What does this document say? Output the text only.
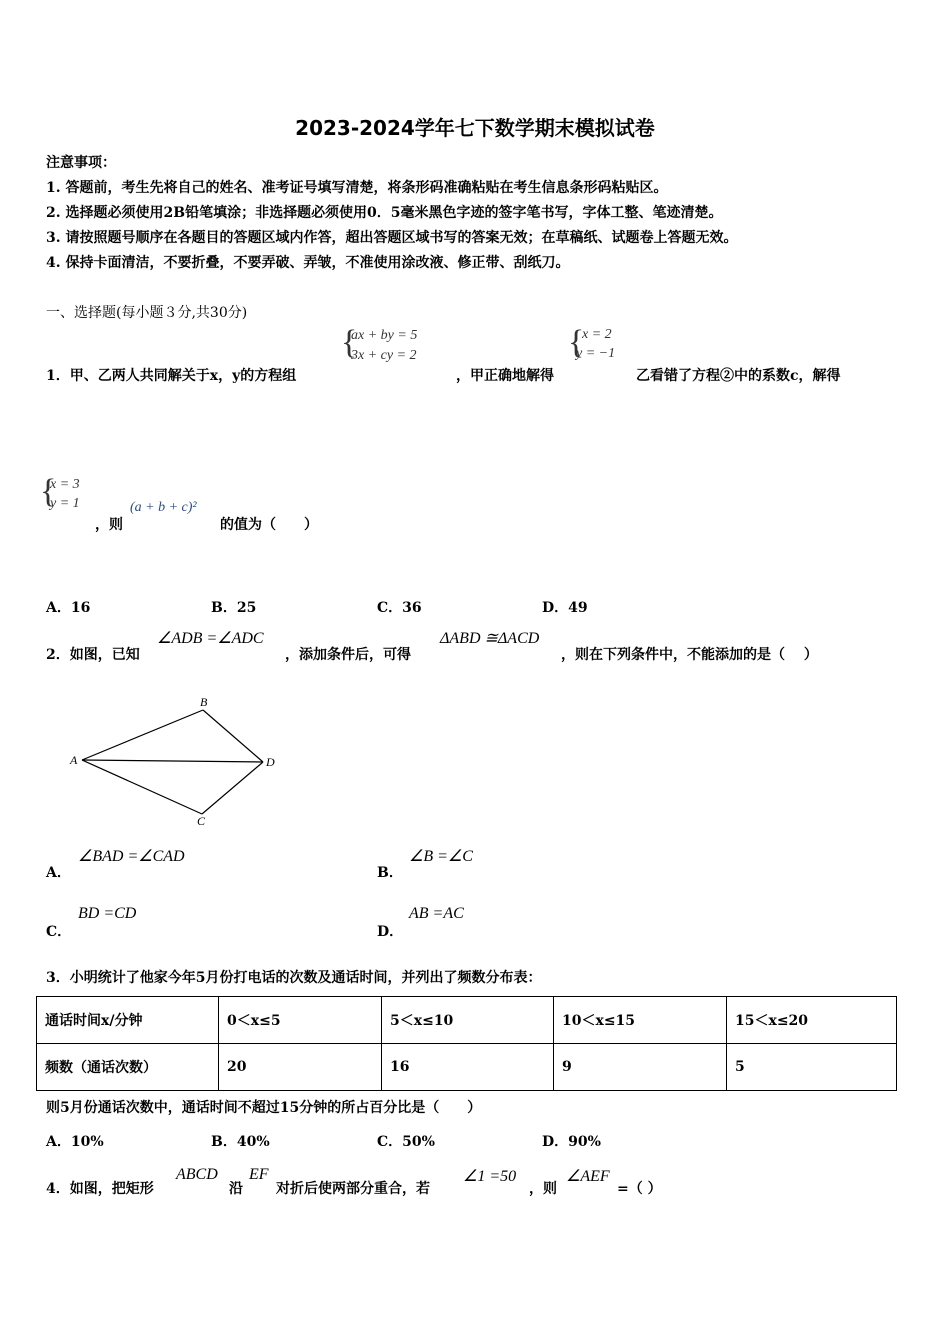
2023-2024学年七下数学期末模拟试卷
注意事项：
1. 答题前，考生先将自己的姓名、准考证号填写清楚，将条形码准确粘贴在考生信息条形码粘贴区。
2. 选择题必须使用2B铅笔填涂；非选择题必须使用0．5毫米黑色字迹的签字笔书写，字体工整、笔迹清楚。
3. 请按照题号顺序在各题目的答题区域内作答，超出答题区域书写的答案无效；在草稿纸、试题卷上答题无效。
4. 保持卡面清洁，不要折叠，不要弄破、弄皱，不准使用涂改液、修正带、刮纸刀。
一、选择题(每小题３分,共30分)
1．甲、乙两人共同解关于x，y的方程组
{
ax + by = 5
3x + cy = 2
，甲正确地解得
{
x = 2
y = −1
乙看错了方程②中的系数c，解得
{
x = 3
y = 1
，则
(a + b + c)²
的值为（　　）
A．16	B．25	C．36	D．49
2．如图，已知
∠ADB =∠ADC
，添加条件后，可得
ΔABD ≅ΔACD
，则在下列条件中，不能添加的是（　 ）
A
B
D
C
A．
∠BAD =∠CAD
B．
∠B =∠C
C．
BD =CD
D．
AB =AC
3．小明统计了他家今年5月份打电话的次数及通话时间，并列出了频数分布表：
通话时间x/分钟	0＜x≤5	5＜x≤10	10＜x≤15	15＜x≤20
频数（通话次数）	20	16	9	5
则5月份通话次数中，通话时间不超过15分钟的所占百分比是（　　）
A．10%	B．40%	C．50%	D．90%
4．如图，把矩形
ABCD
沿
EF
对折后使两部分重合，若
∠1 =50
，则
∠AEF
=（ ）
